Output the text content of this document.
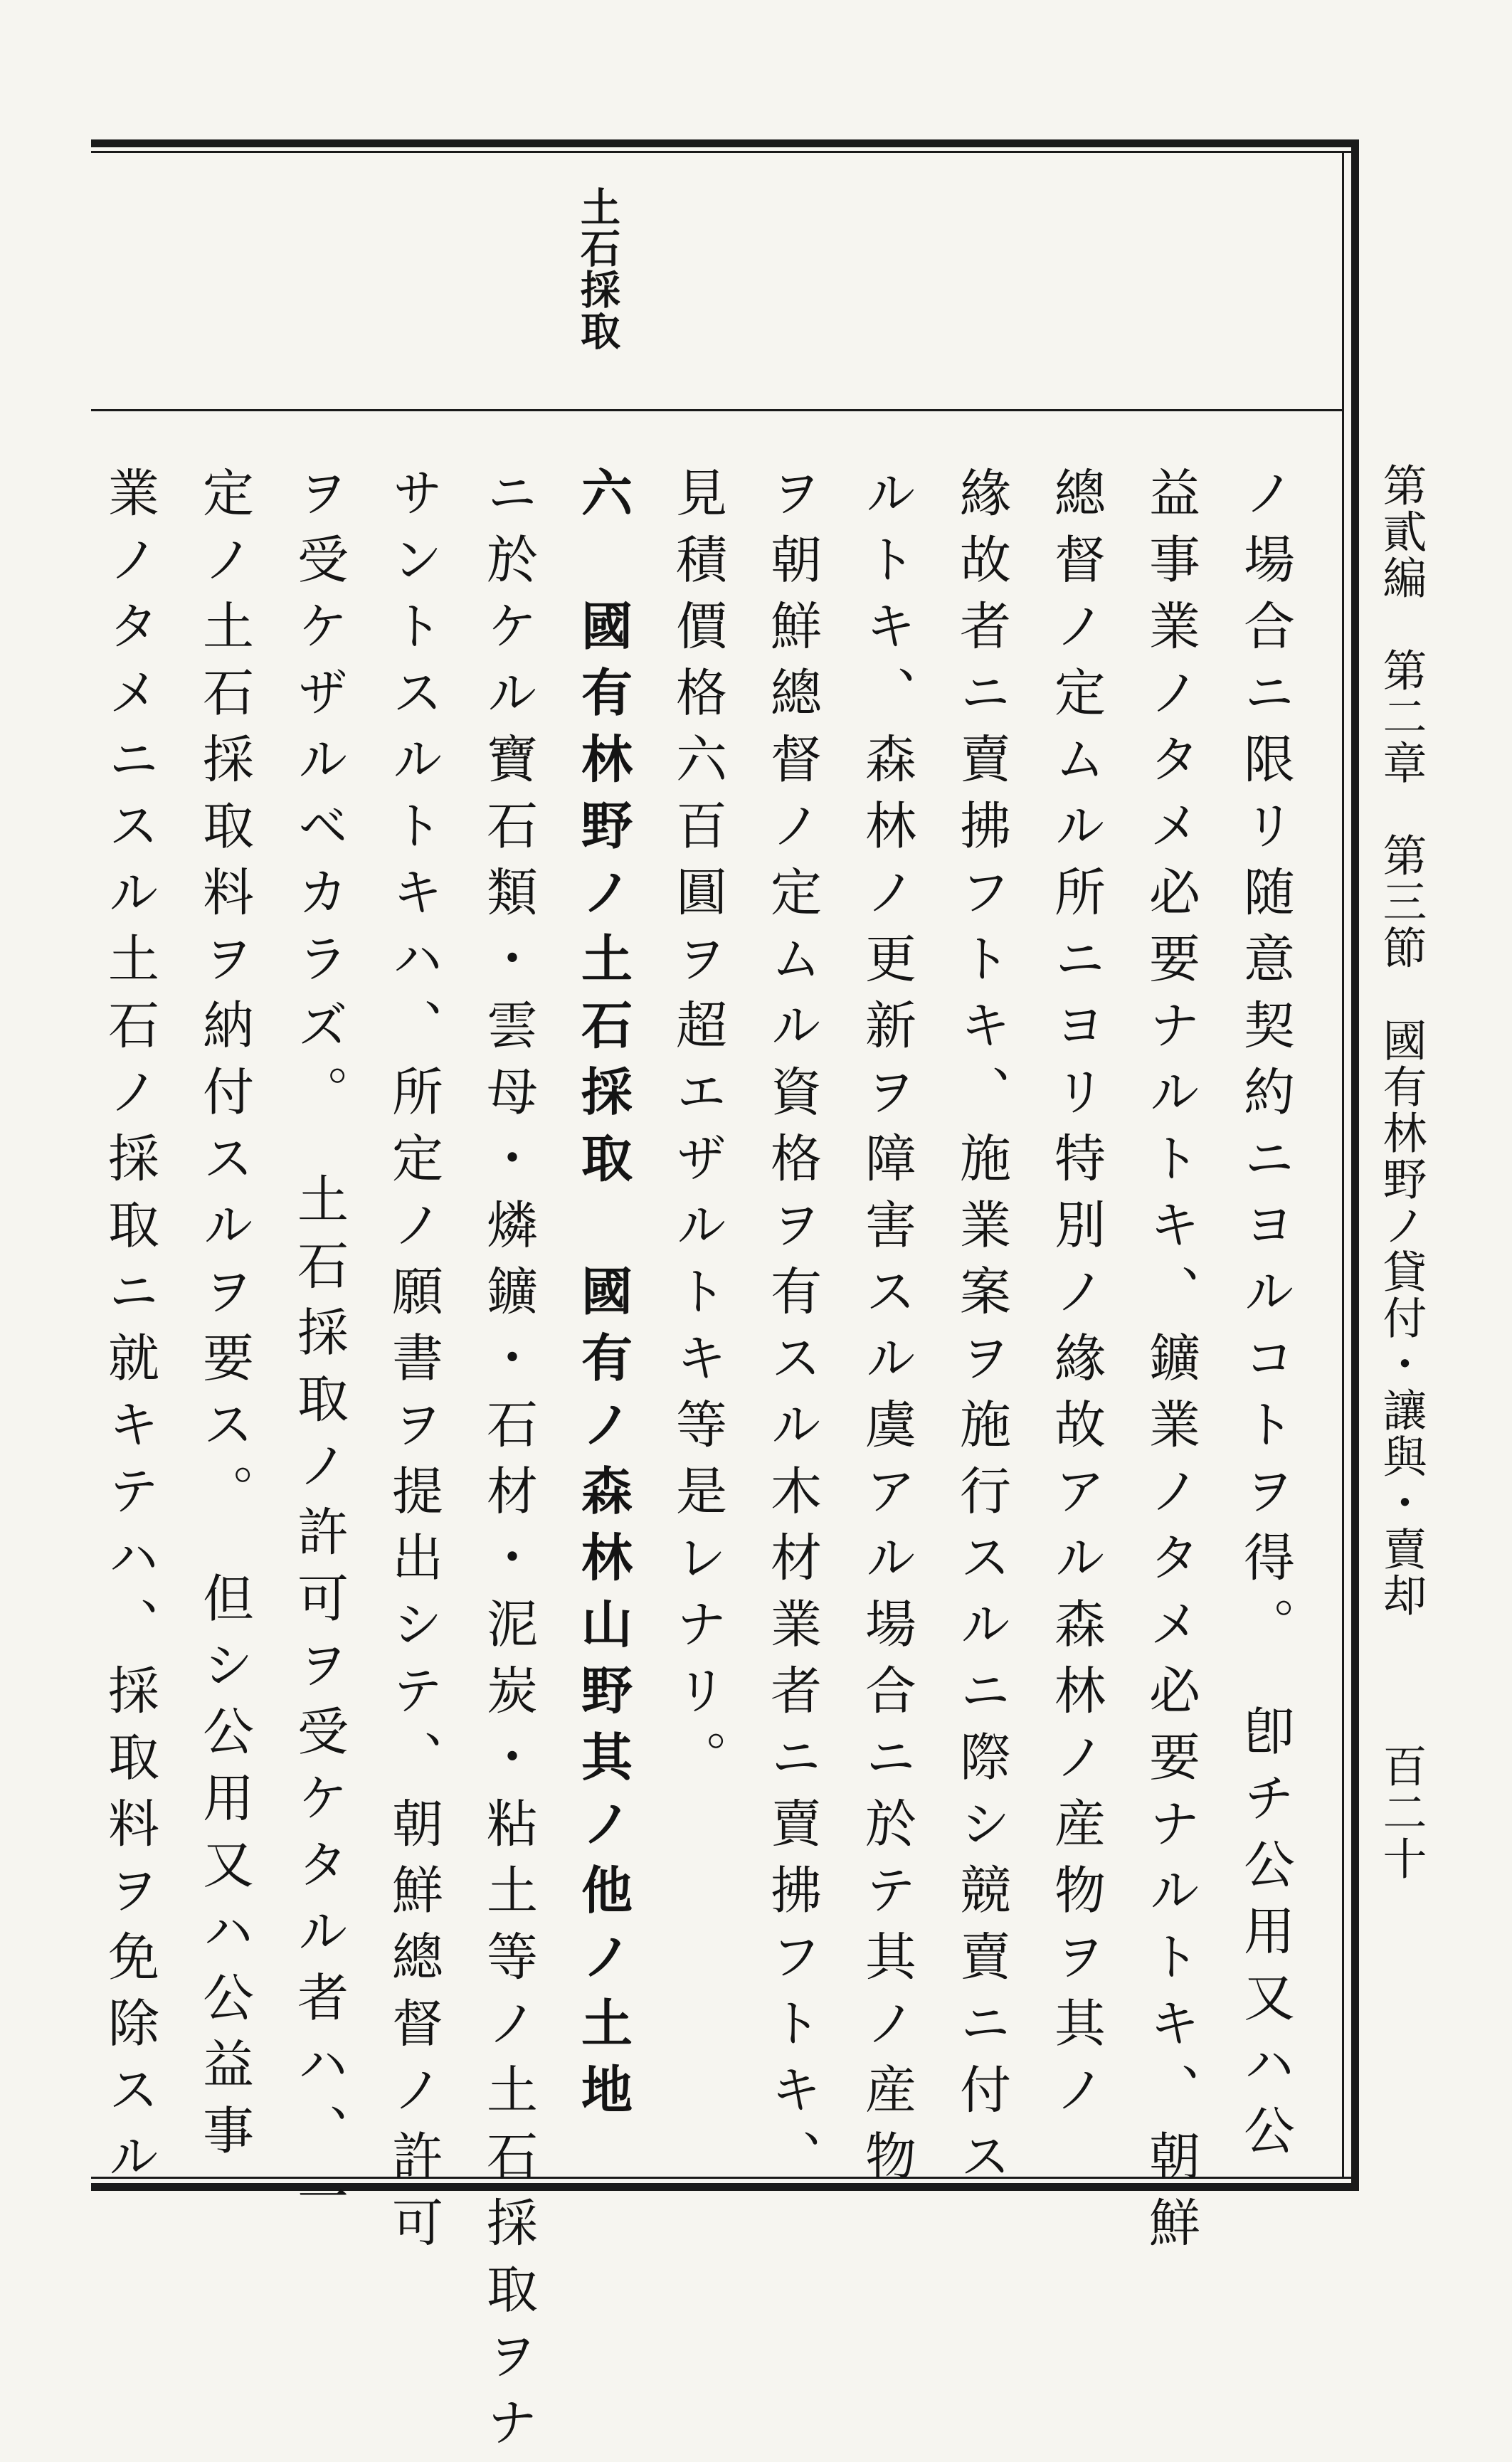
土石採取
第貳編　第二章　第三節　國有林野ノ貸付・讓與・賣却
百二十
ノ場合ニ限リ随意契約ニヨルコトヲ得。　卽チ公用又ハ公
益事業ノタメ必要ナルトキ、鑛業ノタメ必要ナルトキ、朝鮮
總督ノ定ムル所ニヨリ特別ノ緣故アル森林ノ産物ヲ其ノ
緣故者ニ賣拂フトキ、施業案ヲ施行スルニ際シ競賣ニ付ス
ルトキ、森林ノ更新ヲ障害スル虞アル場合ニ於テ其ノ産物
ヲ朝鮮總督ノ定ムル資格ヲ有スル木材業者ニ賣拂フトキ、
見積價格六百圓ヲ超エザルトキ等是レナリ。
六　國有林野ノ土石採取　國有ノ森林山野其ノ他ノ土地
ニ於ケル寶石類・雲母・燐鑛・石材・泥炭・粘土等ノ土石採取ヲナ
サントスルトキハ、所定ノ願書ヲ提出シテ、朝鮮總督ノ許可
ヲ受ケザルベカラズ。　土石採取ノ許可ヲ受ケタル者ハ、一
定ノ土石採取料ヲ納付スルヲ要ス。　但シ公用又ハ公益事
業ノタメニスル土石ノ採取ニ就キテハ、採取料ヲ免除スル
